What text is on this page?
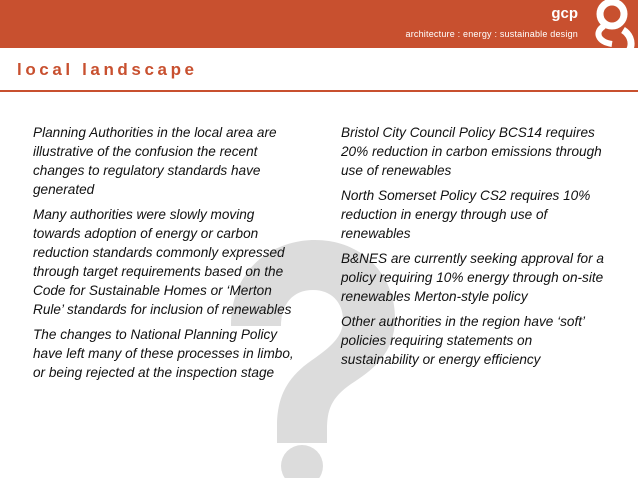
gcp
architecture : energy : sustainable design
local landscape

Planning Authorities in the local area are illustrative of the confusion the recent changes to regulatory standards have generated

Many authorities were slowly moving towards adoption of energy or carbon reduction standards commonly expressed through target requirements based on the Code for Sustainable Homes or ‘Merton Rule’ standards for inclusion of renewables

The changes to National Planning Policy have left many of these processes in limbo, or being rejected at the inspection stage

Bristol City Council Policy BCS14 requires 20% reduction in carbon emissions through use of renewables

North Somerset Policy CS2 requires 10% reduction in energy through use of renewables

B&NES are currently seeking approval for a policy requiring 10% energy through on-site renewables Merton-style policy

Other authorities in the region have ‘soft’ policies requiring statements on sustainability or energy efficiency
